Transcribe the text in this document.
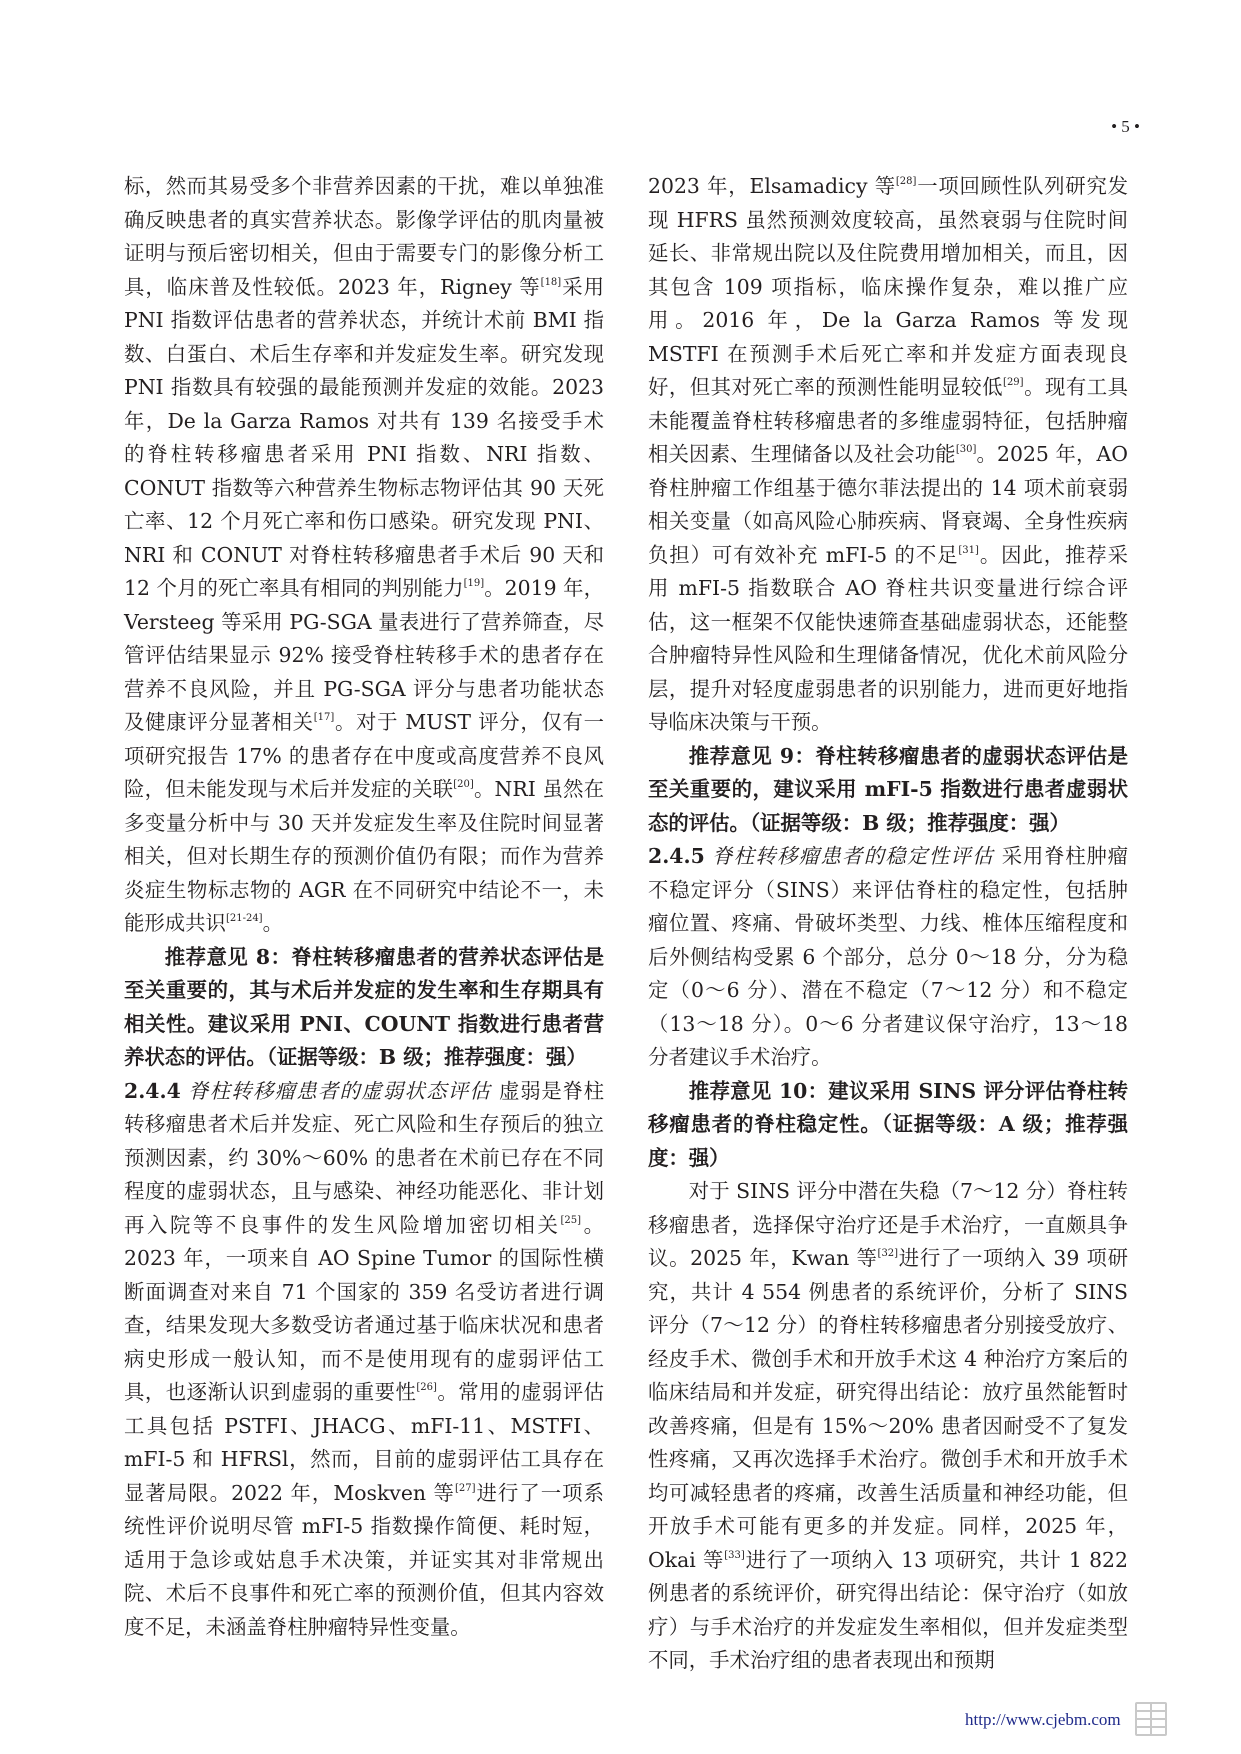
• 5 •

标，然而其易受多个非营养因素的干扰，难以单独准确反映患者的真实营养状态。影像学评估的肌肉量被证明与预后密切相关，但由于需要专门的影像分析工具，临床普及性较低。2023 年，Rigney 等[18]采用 PNI 指数评估患者的营养状态，并统计术前 BMI 指数、白蛋白、术后生存率和并发症发生率。研究发现 PNI 指数具有较强的最能预测并发症的效能。2023 年，De la Garza Ramos 对共有 139 名接受手术的脊柱转移瘤患者采用 PNI 指数、NRI 指数、CONUT 指数等六种营养生物标志物评估其 90 天死亡率、12 个月死亡率和伤口感染。研究发现 PNI、NRI 和 CONUT 对脊柱转移瘤患者手术后 90 天和 12 个月的死亡率具有相同的判别能力[19]。2019 年，Versteeg 等采用 PG-SGA 量表进行了营养筛查，尽管评估结果显示 92% 接受脊柱转移手术的患者存在营养不良风险，并且 PG-SGA 评分与患者功能状态及健康评分显著相关[17]。对于 MUST 评分，仅有一项研究报告 17% 的患者存在中度或高度营养不良风险，但未能发现与术后并发症的关联[20]。NRI 虽然在多变量分析中与 30 天并发症发生率及住院时间显著相关，但对长期生存的预测价值仍有限；而作为营养炎症生物标志物的 AGR 在不同研究中结论不一，未能形成共识[21-24]。

推荐意见 8：脊柱转移瘤患者的营养状态评估是至关重要的，其与术后并发症的发生率和生存期具有相关性。建议采用 PNI、COUNT 指数进行患者营养状态的评估。（证据等级：B 级；推荐强度：强）

2.4.4 脊柱转移瘤患者的虚弱状态评估 虚弱是脊柱转移瘤患者术后并发症、死亡风险和生存预后的独立预测因素，约 30%～60% 的患者在术前已存在不同程度的虚弱状态，且与感染、神经功能恶化、非计划再入院等不良事件的发生风险增加密切相关[25]。2023 年，一项来自 AO Spine Tumor 的国际性横断面调查对来自 71 个国家的 359 名受访者进行调查，结果发现大多数受访者通过基于临床状况和患者病史形成一般认知，而不是使用现有的虚弱评估工具，也逐渐认识到虚弱的重要性[26]。常用的虚弱评估工具包括 PSTFI、JHACG、mFI-11、MSTFI、mFI-5 和 HFRSl，然而，目前的虚弱评估工具存在显著局限。2022 年，Moskven 等[27]进行了一项系统性评价说明尽管 mFI-5 指数操作简便、耗时短，适用于急诊或姑息手术决策，并证实其对非常规出院、术后不良事件和死亡率的预测价值，但其内容效度不足，未涵盖脊柱肿瘤特异性变量。

2023 年，Elsamadicy 等[28]一项回顾性队列研究发现 HFRS 虽然预测效度较高，虽然衰弱与住院时间延长、非常规出院以及住院费用增加相关，而且，因其包含 109 项指标，临床操作复杂，难以推广应用。2016 年，De la Garza Ramos 等发现 MSTFI 在预测手术后死亡率和并发症方面表现良好，但其对死亡率的预测性能明显较低[29]。现有工具未能覆盖脊柱转移瘤患者的多维虚弱特征，包括肿瘤相关因素、生理储备以及社会功能[30]。2025 年，AO 脊柱肿瘤工作组基于德尔菲法提出的 14 项术前衰弱相关变量（如高风险心肺疾病、肾衰竭、全身性疾病负担）可有效补充 mFI-5 的不足[31]。因此，推荐采用 mFI-5 指数联合 AO 脊柱共识变量进行综合评估，这一框架不仅能快速筛查基础虚弱状态，还能整合肿瘤特异性风险和生理储备情况，优化术前风险分层，提升对轻度虚弱患者的识别能力，进而更好地指导临床决策与干预。

推荐意见 9：脊柱转移瘤患者的虚弱状态评估是至关重要的，建议采用 mFI-5 指数进行患者虚弱状态的评估。（证据等级：B 级；推荐强度：强）

2.4.5 脊柱转移瘤患者的稳定性评估 采用脊柱肿瘤不稳定评分（SINS）来评估脊柱的稳定性，包括肿瘤位置、疼痛、骨破坏类型、力线、椎体压缩程度和后外侧结构受累 6 个部分，总分 0～18 分，分为稳定（0～6 分）、潜在不稳定（7～12 分）和不稳定（13～18 分）。0～6 分者建议保守治疗，13～18 分者建议手术治疗。

推荐意见 10：建议采用 SINS 评分评估脊柱转移瘤患者的脊柱稳定性。（证据等级：A 级；推荐强度：强）

对于 SINS 评分中潜在失稳（7～12 分）脊柱转移瘤患者，选择保守治疗还是手术治疗，一直颇具争议。2025 年，Kwan 等[32]进行了一项纳入 39 项研究，共计 4 554 例患者的系统评价，分析了 SINS 评分（7～12 分）的脊柱转移瘤患者分别接受放疗、经皮手术、微创手术和开放手术这 4 种治疗方案后的临床结局和并发症，研究得出结论：放疗虽然能暂时改善疼痛，但是有 15%～20% 患者因耐受不了复发性疼痛，又再次选择手术治疗。微创手术和开放手术均可减轻患者的疼痛，改善生活质量和神经功能，但开放手术可能有更多的并发症。同样，2025 年，Okai 等[33]进行了一项纳入 13 项研究，共计 1 822 例患者的系统评价，研究得出结论：保守治疗（如放疗）与手术治疗的并发症发生率相似，但并发症类型不同，手术治疗组的患者表现出和预期

http://www.cjebm.com
